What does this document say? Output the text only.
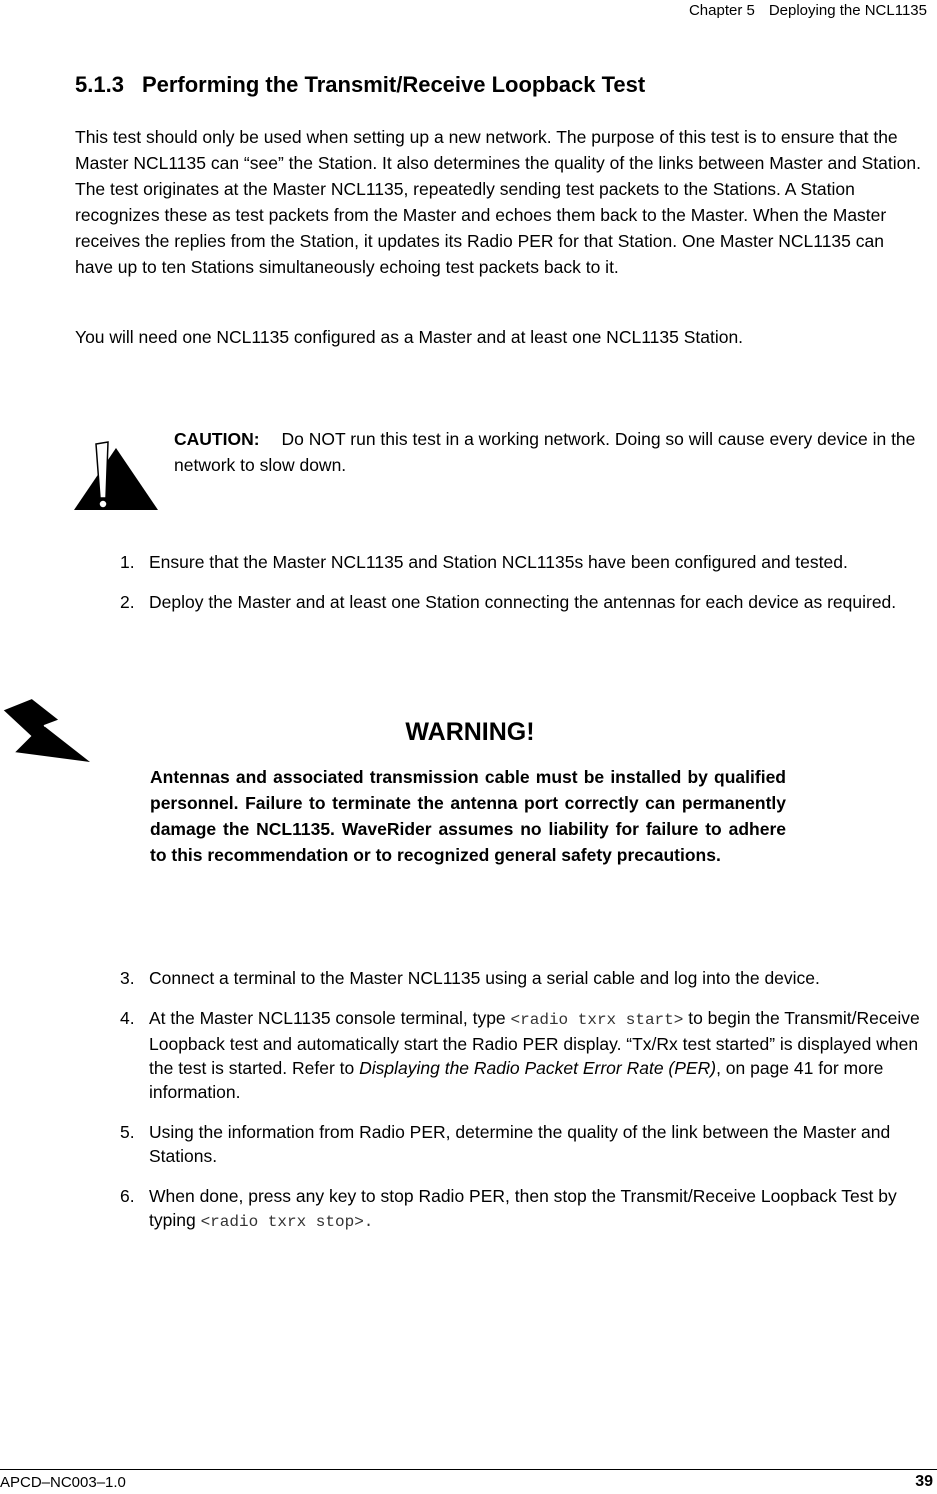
Chapter 5 Deploying the NCL1135
5.1.3 Performing the Transmit/Receive Loopback Test

This test should only be used when setting up a new network. The purpose of this test is to ensure that the Master NCL1135 can “see” the Station. It also determines the quality of the links between Master and Station. The test originates at the Master NCL1135, repeatedly sending test packets to the Stations. A Station recognizes these as test packets from the Master and echoes them back to the Master. When the Master receives the replies from the Station, it updates its Radio PER for that Station. One Master NCL1135 can have up to ten Stations simultaneously echoing test packets back to it.

You will need one NCL1135 configured as a Master and at least one NCL1135 Station.

CAUTION: Do NOT run this test in a working network. Doing so will cause every device in the network to slow down.

1. Ensure that the Master NCL1135 and Station NCL1135s have been configured and tested.
2. Deploy the Master and at least one Station connecting the antennas for each device as required.
WARNING!

Antennas and associated transmission cable must be installed by qualified personnel. Failure to terminate the antenna port correctly can permanently damage the NCL1135. WaveRider assumes no liability for failure to adhere to this recommendation or to recognized general safety precautions.

3. Connect a terminal to the Master NCL1135 using a serial cable and log into the device.
4. At the Master NCL1135 console terminal, type <radio txrx start> to begin the Transmit/Receive Loopback test and automatically start the Radio PER display. “Tx/Rx test started” is displayed when the test is started. Refer to Displaying the Radio Packet Error Rate (PER), on page 41 for more information.
5. Using the information from Radio PER, determine the quality of the link between the Master and Stations.
6. When done, press any key to stop Radio PER, then stop the Transmit/Receive Loopback Test by typing <radio txrx stop>.
APCD–NC003–1.0	39
